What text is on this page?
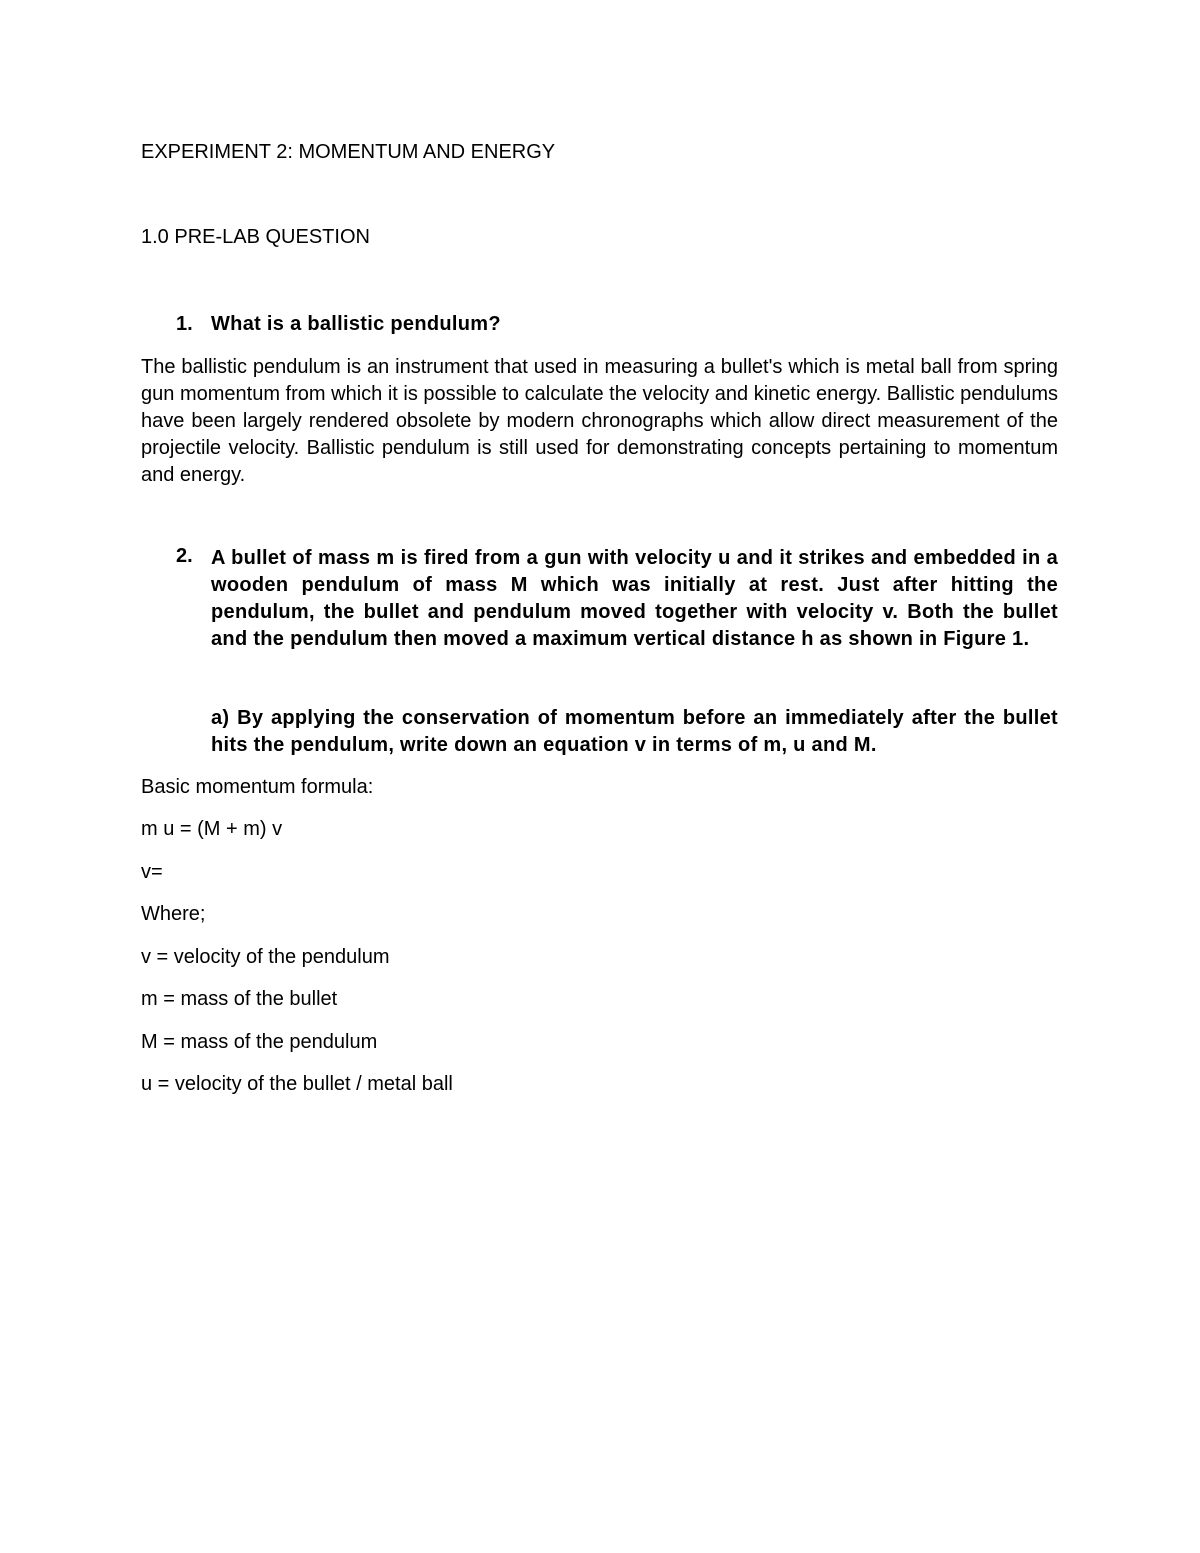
EXPERIMENT 2: MOMENTUM AND ENERGY
1.0 PRE-LAB QUESTION
1. What is a ballistic pendulum?

The ballistic pendulum is an instrument that used in measuring a bullet's which is metal ball from spring gun momentum from which it is possible to calculate the velocity and kinetic energy. Ballistic pendulums have been largely rendered obsolete by modern chronographs which allow direct measurement of the projectile velocity. Ballistic pendulum is still used for demonstrating concepts pertaining to momentum and energy.

2. A bullet of mass m is fired from a gun with velocity u and it strikes and embedded in a wooden pendulum of mass M which was initially at rest. Just after hitting the pendulum, the bullet and pendulum moved together with velocity v. Both the bullet and the pendulum then moved a maximum vertical distance h as shown in Figure 1.

a) By applying the conservation of momentum before an immediately after the bullet hits the pendulum, write down an equation v in terms of m, u and M.

Basic momentum formula:

m u = (M + m) v

v=

Where;

v = velocity of the pendulum

m = mass of the bullet

M = mass of the pendulum

u = velocity of the bullet / metal ball
